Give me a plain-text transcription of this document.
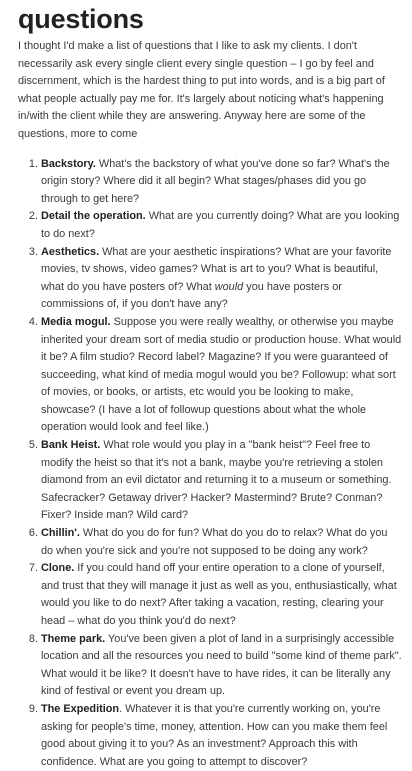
questions

I thought I'd make a list of questions that I like to ask my clients. I don't necessarily ask every single client every single question – I go by feel and discernment, which is the hardest thing to put into words, and is a big part of what people actually pay me for. It's largely about noticing what's happening in/with the client while they are answering. Anyway here are some of the questions, more to come

1. Backstory. What's the backstory of what you've done so far? What's the origin story? Where did it all begin? What stages/phases did you go through to get here?
2. Detail the operation. What are you currently doing? What are you looking to do next?
3. Aesthetics. What are your aesthetic inspirations? What are your favorite movies, tv shows, video games? What is art to you? What is beautiful, what do you have posters of? What would you have posters or commissions of, if you don't have any?
4. Media mogul. Suppose you were really wealthy, or otherwise you maybe inherited your dream sort of media studio or production house. What would it be? A film studio? Record label? Magazine? If you were guaranteed of succeeding, what kind of media mogul would you be? Followup: what sort of movies, or books, or artists, etc would you be looking to make, showcase? (I have a lot of followup questions about what the whole operation would look and feel like.)
5. Bank Heist. What role would you play in a "bank heist"? Feel free to modify the heist so that it's not a bank, maybe you're retrieving a stolen diamond from an evil dictator and returning it to a museum or something. Safecracker? Getaway driver? Hacker? Mastermind? Brute? Conman? Fixer? Inside man? Wild card?
6. Chillin'. What do you do for fun? What do you do to relax? What do you do when you're sick and you're not supposed to be doing any work?
7. Clone. If you could hand off your entire operation to a clone of yourself, and trust that they will manage it just as well as you, enthusiastically, what would you like to do next? After taking a vacation, resting, clearing your head – what do you think you'd do next?
8. Theme park. You've been given a plot of land in a surprisingly accessible location and all the resources you need to build "some kind of theme park". What would it be like? It doesn't have to have rides, it can be literally any kind of festival or event you dream up.
9. The Expedition. Whatever it is that you're currently working on, you're asking for people's time, money, attention. How can you make them feel good about giving it to you? As an investment? Approach this with confidence. What are you going to attempt to discover?
